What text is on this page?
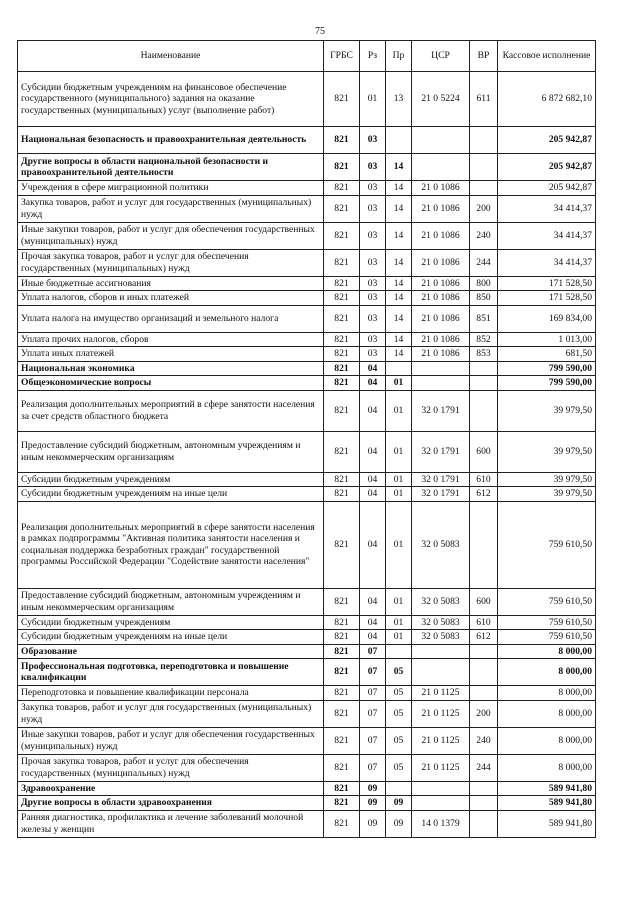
75
Наименование	ГРБС	Рз	Пр	ЦСР	ВР	Кассовое исполнение
Субсидии бюджетным учреждениям на финансовое обеспечение государственного (муниципального) задания на оказание государственных (муниципальных) услуг (выполнение работ)	821	01	13	21 0 5224	611	6 872 682,10
Национальная безопасность и правоохранительная деятельность	821	03				205 942,87
Другие вопросы в области национальной безопасности и правоохранительной деятельности	821	03	14			205 942,87
Учреждения в сфере миграционной политики	821	03	14	21 0 1086		205 942,87
Закупка товаров, работ и услуг для государственных (муниципальных) нужд	821	03	14	21 0 1086	200	34 414,37
Иные закупки товаров, работ и услуг для обеспечения государственных (муниципальных) нужд	821	03	14	21 0 1086	240	34 414,37
Прочая закупка товаров, работ и услуг для обеспечения государственных (муниципальных) нужд	821	03	14	21 0 1086	244	34 414,37
Иные бюджетные ассигнования	821	03	14	21 0 1086	800	171 528,50
Уплата налогов, сборов и иных платежей	821	03	14	21 0 1086	850	171 528,50
Уплата налога на имущество организаций и земельного налога	821	03	14	21 0 1086	851	169 834,00
Уплата прочих налогов, сборов	821	03	14	21 0 1086	852	1 013,00
Уплата иных платежей	821	03	14	21 0 1086	853	681,50
Национальная экономика	821	04				799 590,00
Общеэкономические вопросы	821	04	01			799 590,00
Реализация дополнительных мероприятий в сфере занятости населения за счет средств областного бюджета	821	04	01	32 0 1791		39 979,50
Предоставление субсидий бюджетным, автономным учреждениям и иным некоммерческим организациям	821	04	01	32 0 1791	600	39 979,50
Субсидии бюджетным учреждениям	821	04	01	32 0 1791	610	39 979,50
Субсидии бюджетным учреждениям на иные цели	821	04	01	32 0 1791	612	39 979,50
Реализация дополнительных мероприятий в сфере занятости населения в рамках подпрограммы "Активная политика занятости населения и социальная поддержка безработных граждан" государственной программы Российской Федерации "Содействие занятости населения"	821	04	01	32 0 5083		759 610,50
Предоставление субсидий бюджетным, автономным учреждениям и иным некоммерческим организациям	821	04	01	32 0 5083	600	759 610,50
Субсидии бюджетным учреждениям	821	04	01	32 0 5083	610	759 610,50
Субсидии бюджетным учреждениям на иные цели	821	04	01	32 0 5083	612	759 610,50
Образование	821	07				8 000,00
Профессиональная подготовка, переподготовка и повышение квалификации	821	07	05			8 000,00
Переподготовка и повышение квалификации персонала	821	07	05	21 0 1125		8 000,00
Закупка товаров, работ и услуг для государственных (муниципальных) нужд	821	07	05	21 0 1125	200	8 000,00
Иные закупки товаров, работ и услуг для обеспечения государственных (муниципальных) нужд	821	07	05	21 0 1125	240	8 000,00
Прочая закупка товаров, работ и услуг для обеспечения государственных (муниципальных) нужд	821	07	05	21 0 1125	244	8 000,00
Здравоохранение	821	09				589 941,80
Другие вопросы в области здравоохранения	821	09	09			589 941,80
Ранняя диагностика, профилактика и лечение заболеваний молочной железы у женщин	821	09	09	14 0 1379		589 941,80
